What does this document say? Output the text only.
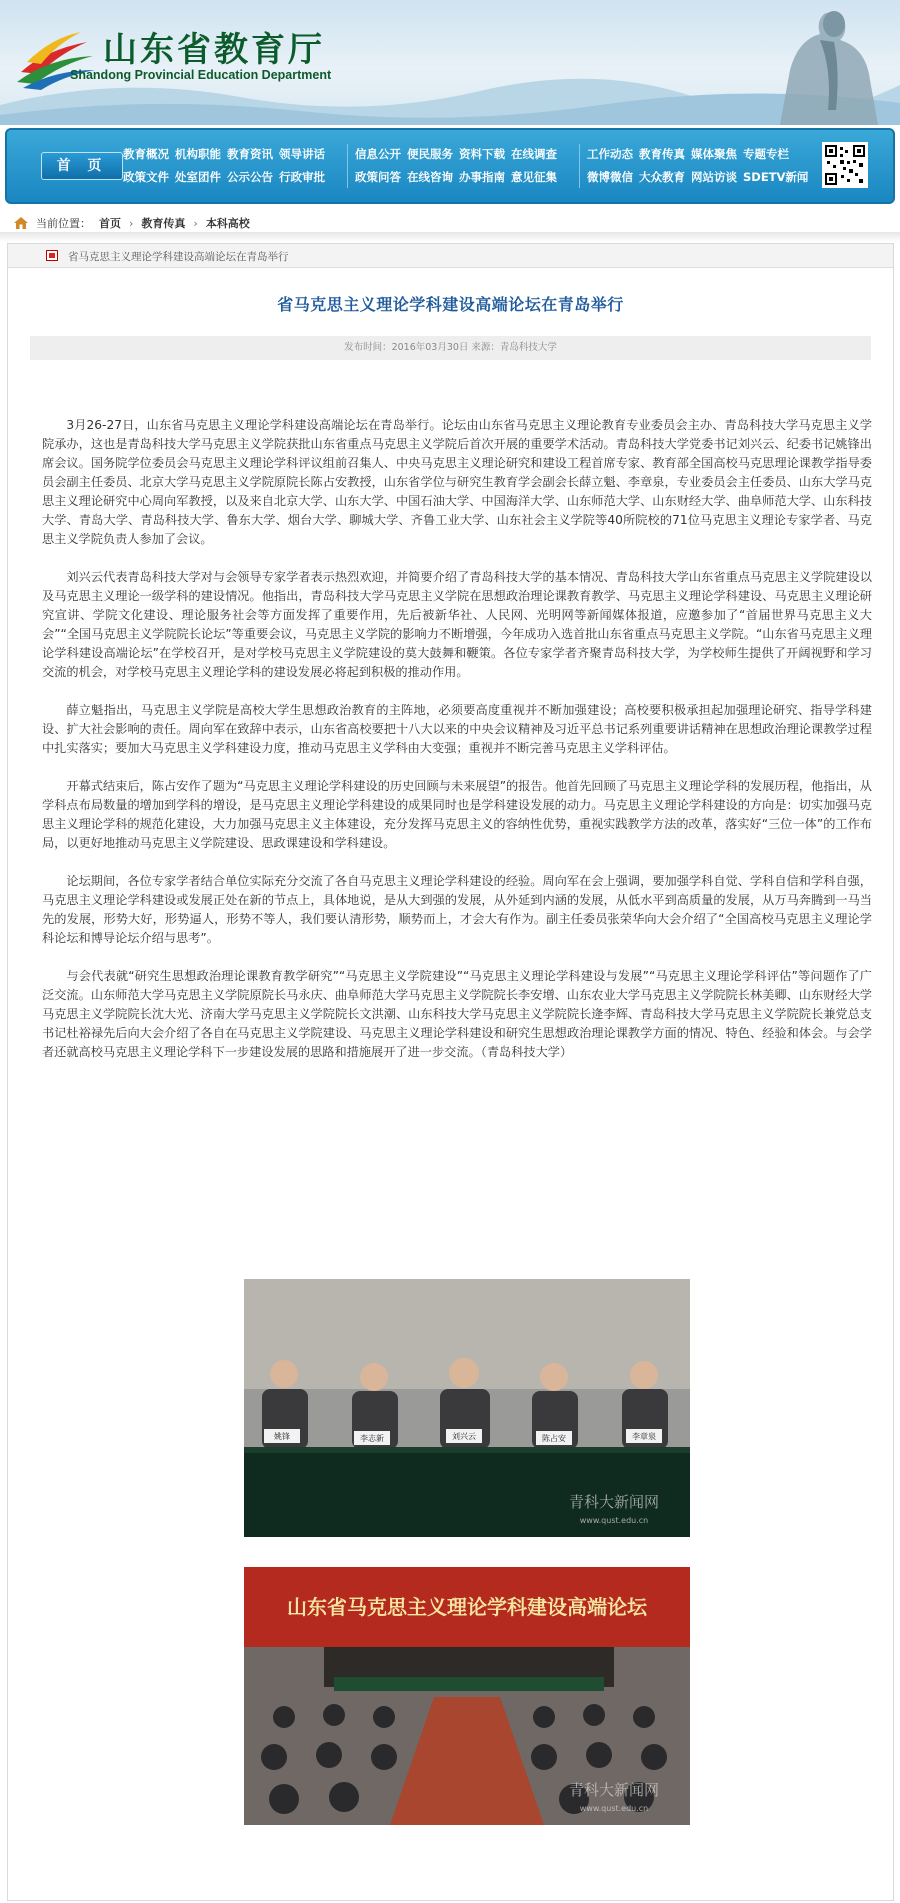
山东省教育厅
Shandong Provincial Education Department
首 页
教育概况 机构职能 教育资讯 领导讲话
政策文件 处室团件 公示公告 行政审批
信息公开 便民服务 资料下载 在线调查
政策问答 在线咨询 办事指南 意见征集
工作动态 教育传真 媒体聚焦 专题专栏
微博微信 大众教育 网站访谈 SDETV新闻
当前位置： 首页 › 教育传真 › 本科高校
省马克思主义理论学科建设高端论坛在青岛举行
省马克思主义理论学科建设高端论坛在青岛举行
发布时间：2016年03月30日 来源：青岛科技大学

3月26-27日，山东省马克思主义理论学科建设高端论坛在青岛举行。论坛由山东省马克思主义理论教育专业委员会主办、青岛科技大学马克思主义学院承办，这也是青岛科技大学马克思主义学院获批山东省重点马克思主义学院后首次开展的重要学术活动。青岛科技大学党委书记刘兴云、纪委书记姚锋出席会议。国务院学位委员会马克思主义理论学科评议组前召集人、中央马克思主义理论研究和建设工程首席专家、教育部全国高校马克思理论课教学指导委员会副主任委员、北京大学马克思主义学院原院长陈占安教授，山东省学位与研究生教育学会副会长薛立魁、李章泉，专业委员会主任委员、山东大学马克思主义理论研究中心周向军教授，以及来自北京大学、山东大学、中国石油大学、中国海洋大学、山东师范大学、山东财经大学、曲阜师范大学、山东科技大学、青岛大学、青岛科技大学、鲁东大学、烟台大学、聊城大学、齐鲁工业大学、山东社会主义学院等40所院校的71位马克思主义理论专家学者、马克思主义学院负责人参加了会议。

刘兴云代表青岛科技大学对与会领导专家学者表示热烈欢迎，并简要介绍了青岛科技大学的基本情况、青岛科技大学山东省重点马克思主义学院建设以及马克思主义理论一级学科的建设情况。他指出，青岛科技大学马克思主义学院在思想政治理论课教育教学、马克思主义理论学科建设、马克思主义理论研究宣讲、学院文化建设、理论服务社会等方面发挥了重要作用，先后被新华社、人民网、光明网等新闻媒体报道，应邀参加了“首届世界马克思主义大会”“全国马克思主义学院院长论坛”等重要会议，马克思主义学院的影响力不断增强，今年成功入选首批山东省重点马克思主义学院。“山东省马克思主义理论学科建设高端论坛”在学校召开，是对学校马克思主义学院建设的莫大鼓舞和鞭策。各位专家学者齐聚青岛科技大学，为学校师生提供了开阔视野和学习交流的机会，对学校马克思主义理论学科的建设发展必将起到积极的推动作用。

薛立魁指出，马克思主义学院是高校大学生思想政治教育的主阵地，必须要高度重视并不断加强建设；高校要积极承担起加强理论研究、指导学科建设、扩大社会影响的责任。周向军在致辞中表示，山东省高校要把十八大以来的中央会议精神及习近平总书记系列重要讲话精神在思想政治理论课教学过程中扎实落实；要加大马克思主义学科建设力度，推动马克思主义学科由大变强；重视并不断完善马克思主义学科评估。

开幕式结束后，陈占安作了题为“马克思主义理论学科建设的历史回顾与未来展望”的报告。他首先回顾了马克思主义理论学科的发展历程，他指出，从学科点布局数量的增加到学科的增设，是马克思主义理论学科建设的成果同时也是学科建设发展的动力。马克思主义理论学科建设的方向是：切实加强马克思主义理论学科的规范化建设，大力加强马克思主义主体建设，充分发挥马克思主义的容纳性优势，重视实践教学方法的改革，落实好“三位一体”的工作布局，以更好地推动马克思主义学院建设、思政课建设和学科建设。

论坛期间，各位专家学者结合单位实际充分交流了各自马克思主义理论学科建设的经验。周向军在会上强调，要加强学科自觉、学科自信和学科自强，马克思主义理论学科建设或发展正处在新的节点上，具体地说，是从大到强的发展，从外延到内涵的发展，从低水平到高质量的发展，从万马奔腾到一马当先的发展，形势大好，形势逼人，形势不等人，我们要认清形势，顺势而上，才会大有作为。副主任委员张荣华向大会介绍了“全国高校马克思主义理论学科论坛和博导论坛介绍与思考”。

与会代表就“研究生思想政治理论课教育教学研究”“马克思主义学院建设”“马克思主义理论学科建设与发展”“马克思主义理论学科评估”等问题作了广泛交流。山东师范大学马克思主义学院原院长马永庆、曲阜师范大学马克思主义学院院长李安增、山东农业大学马克思主义学院院长林美卿、山东财经大学马克思主义学院院长沈大光、济南大学马克思主义学院院长文洪潮、山东科技大学马克思主义学院院长逄李辉、青岛科技大学马克思主义学院院长兼党总支书记杜裕禄先后向大会介绍了各自在马克思主义学院建设、马克思主义理论学科建设和研究生思想政治理论课教学方面的情况、特色、经验和体会。与会学者还就高校马克思主义理论学科下一步建设发展的思路和措施展开了进一步交流。（青岛科技大学）

姚锋	李志新	刘兴云	陈占安	李章泉
青科大新闻网
www.qust.edu.cn
山东省马克思主义理论学科建设高端论坛
青科大新闻网
www.qust.edu.cn
